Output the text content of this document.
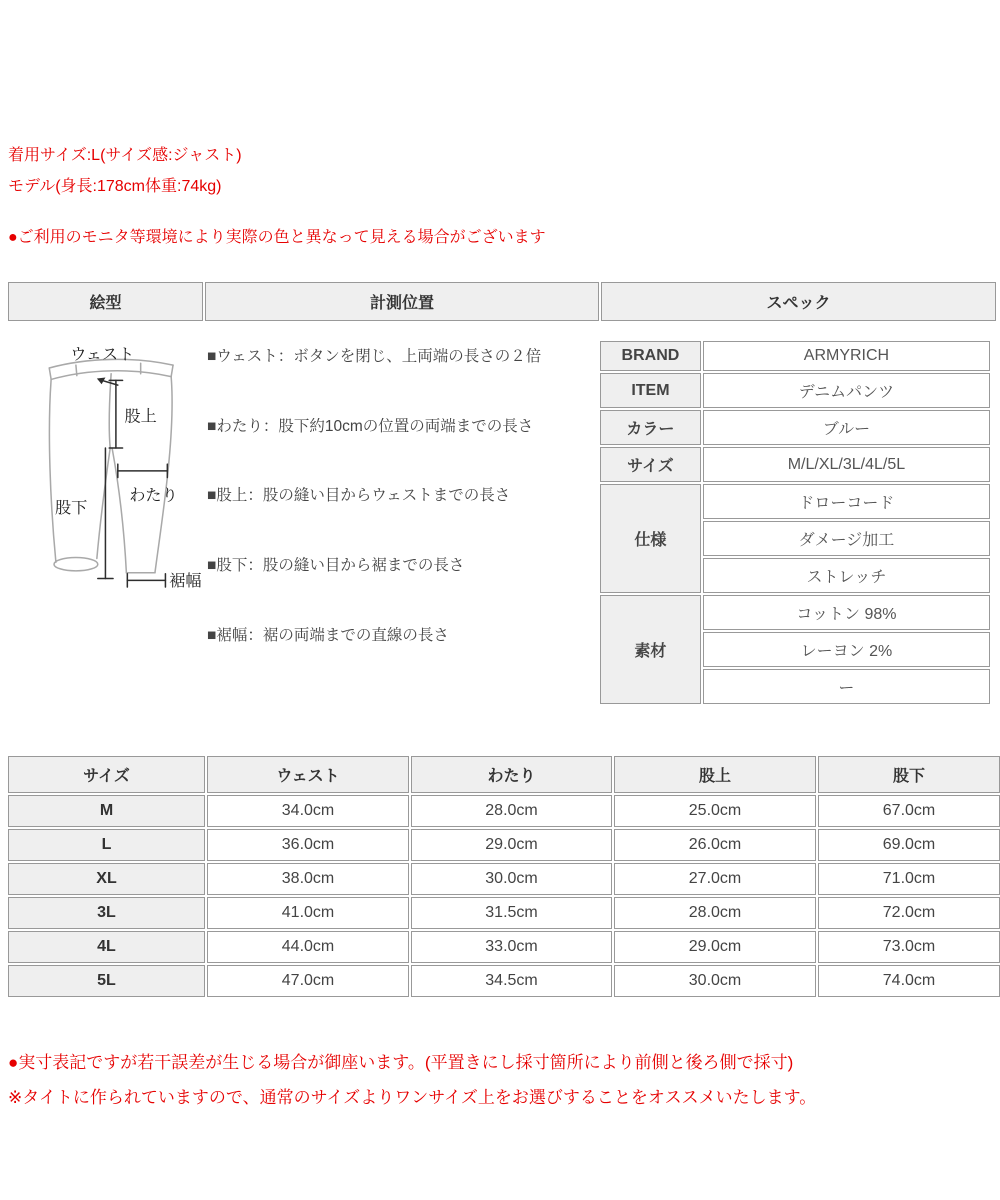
着用サイズ:L(サイズ感:ジャスト)
モデル(身長:178cm体重:74kg)
●ご利用のモニタ等環境により実際の色と異なって見える場合がございます
絵型	計測位置	スペック
ウェスト
股上
わたり
股下
裾幅
■ウェスト：ボタンを閉じ、上両端の長さの２倍
■わたり：股下約10cmの位置の両端までの長さ
■股上：股の縫い目からウェストまでの長さ
■股下：股の縫い目から裾までの長さ
■裾幅：裾の両端までの直線の長さ
BRAND	ARMYRICH
ITEM	デニムパンツ
カラー	ブルー
サイズ	M/L/XL/3L/4L/5L
仕様	ドローコード
	ダメージ加工
	ストレッチ
素材	コットン 98%
	レーヨン 2%
	ー
サイズ	ウェスト	わたり	股上	股下
M	34.0cm	28.0cm	25.0cm	67.0cm
L	36.0cm	29.0cm	26.0cm	69.0cm
XL	38.0cm	30.0cm	27.0cm	71.0cm
3L	41.0cm	31.5cm	28.0cm	72.0cm
4L	44.0cm	33.0cm	29.0cm	73.0cm
5L	47.0cm	34.5cm	30.0cm	74.0cm
●実寸表記ですが若干誤差が生じる場合が御座います。(平置きにし採寸箇所により前側と後ろ側で採寸)
※タイトに作られていますので、通常のサイズよりワンサイズ上をお選びすることをオススメいたします。
